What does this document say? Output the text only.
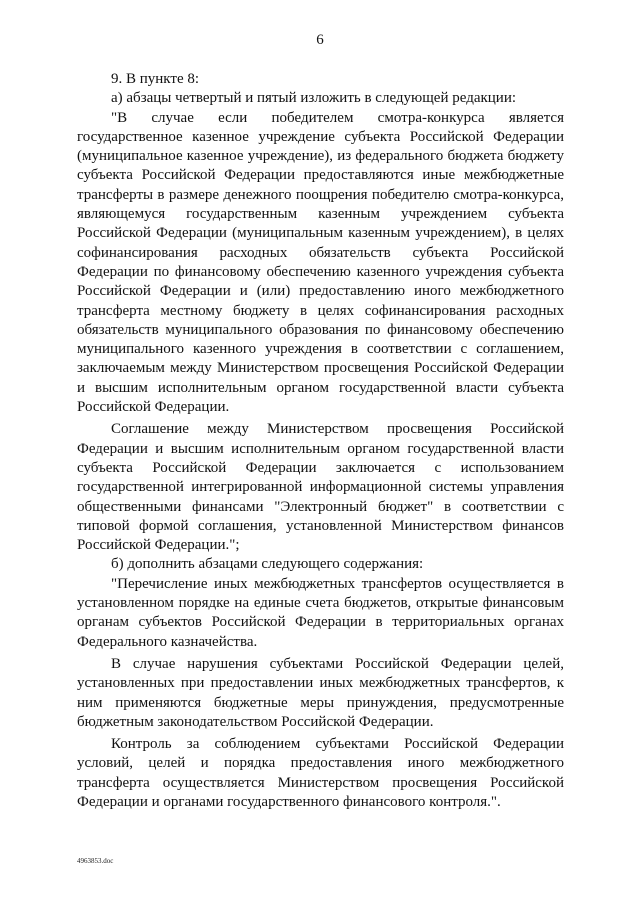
6

9. В пункте 8:

а) абзацы четвертый и пятый изложить в следующей редакции:

"В случае если победителем смотра-конкурса является государственное казенное учреждение субъекта Российской Федерации (муниципальное казенное учреждение), из федерального бюджета бюджету субъекта Российской Федерации предоставляются иные межбюджетные трансферты в размере денежного поощрения победителю смотра-конкурса, являющемуся государственным казенным учреждением субъекта Российской Федерации (муниципальным казенным учреждением), в целях софинансирования расходных обязательств субъекта Российской Федерации по финансовому обеспечению казенного учреждения субъекта Российской Федерации и (или) предоставлению иного межбюджетного трансферта местному бюджету в целях софинансирования расходных обязательств муниципального образования по финансовому обеспечению муниципального казенного учреждения в соответствии с соглашением, заключаемым между Министерством просвещения Российской Федерации и высшим исполнительным органом государственной власти субъекта Российской Федерации.

Соглашение между Министерством просвещения Российской Федерации и высшим исполнительным органом государственной власти субъекта Российской Федерации заключается с использованием государственной интегрированной информационной системы управления общественными финансами "Электронный бюджет" в соответствии с типовой формой соглашения, установленной Министерством финансов Российской Федерации.";

б) дополнить абзацами следующего содержания:

"Перечисление иных межбюджетных трансфертов осуществляется в установленном порядке на единые счета бюджетов, открытые финансовым органам субъектов Российской Федерации в территориальных органах Федерального казначейства.

В случае нарушения субъектами Российской Федерации целей, установленных при предоставлении иных межбюджетных трансфертов, к ним применяются бюджетные меры принуждения, предусмотренные бюджетным законодательством Российской Федерации.

Контроль за соблюдением субъектами Российской Федерации условий, целей и порядка предоставления иного межбюджетного трансферта осуществляется Министерством просвещения Российской Федерации и органами государственного финансового контроля.".

4963853.doc
